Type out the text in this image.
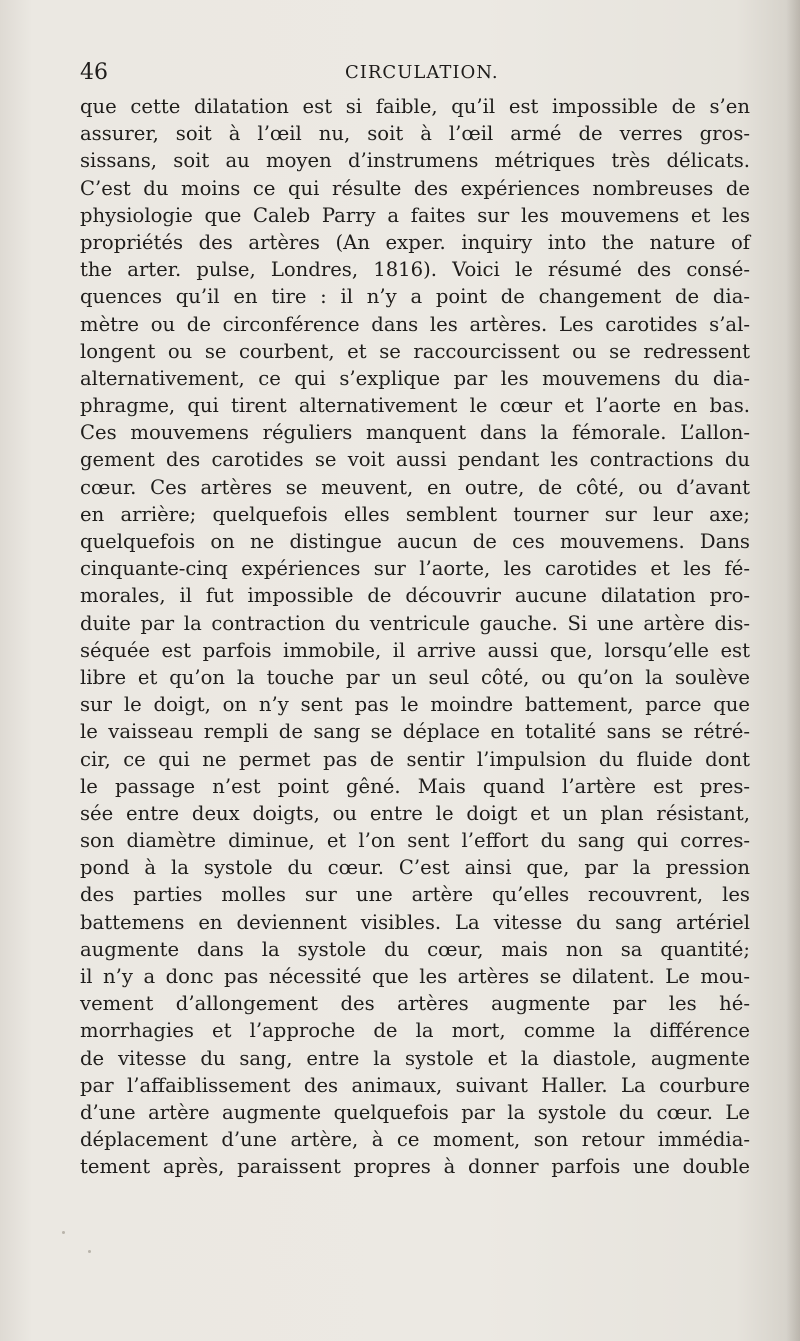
46	CIRCULATION.
que cette dilatation est si faible, qu’il est impossible de s’en
assurer, soit à l’œil nu, soit à l’œil armé de verres gros-
sissans, soit au moyen d’instrumens métriques très délicats.
C’est du moins ce qui résulte des expériences nombreuses de
physiologie que Caleb Parry a faites sur les mouvemens et les
propriétés des artères (An exper. inquiry into the nature of
the arter. pulse, Londres, 1816). Voici le résumé des consé-
quences qu’il en tire : il n’y a point de changement de dia-
mètre ou de circonférence dans les artères. Les carotides s’al-
longent ou se courbent, et se raccourcissent ou se redressent
alternativement, ce qui s’explique par les mouvemens du dia-
phragme, qui tirent alternativement le cœur et l’aorte en bas.
Ces mouvemens réguliers manquent dans la fémorale. L’allon-
gement des carotides se voit aussi pendant les contractions du
cœur. Ces artères se meuvent, en outre, de côté, ou d’avant
en arrière; quelquefois elles semblent tourner sur leur axe;
quelquefois on ne distingue aucun de ces mouvemens. Dans
cinquante-cinq expériences sur l’aorte, les carotides et les fé-
morales, il fut impossible de découvrir aucune dilatation pro-
duite par la contraction du ventricule gauche. Si une artère dis-
séquée est parfois immobile, il arrive aussi que, lorsqu’elle est
libre et qu’on la touche par un seul côté, ou qu’on la soulève
sur le doigt, on n’y sent pas le moindre battement, parce que
le vaisseau rempli de sang se déplace en totalité sans se rétré-
cir, ce qui ne permet pas de sentir l’impulsion du fluide dont
le passage n’est point gêné. Mais quand l’artère est pres-
sée entre deux doigts, ou entre le doigt et un plan résistant,
son diamètre diminue, et l’on sent l’effort du sang qui corres-
pond à la systole du cœur. C’est ainsi que, par la pression
des parties molles sur une artère qu’elles recouvrent, les
battemens en deviennent visibles. La vitesse du sang artériel
augmente dans la systole du cœur, mais non sa quantité;
il n’y a donc pas nécessité que les artères se dilatent. Le mou-
vement d’allongement des artères augmente par les hé-
morrhagies et l’approche de la mort, comme la différence
de vitesse du sang, entre la systole et la diastole, augmente
par l’affaiblissement des animaux, suivant Haller. La courbure
d’une artère augmente quelquefois par la systole du cœur. Le
déplacement d’une artère, à ce moment, son retour immédia-
tement après, paraissent propres à donner parfois une double
